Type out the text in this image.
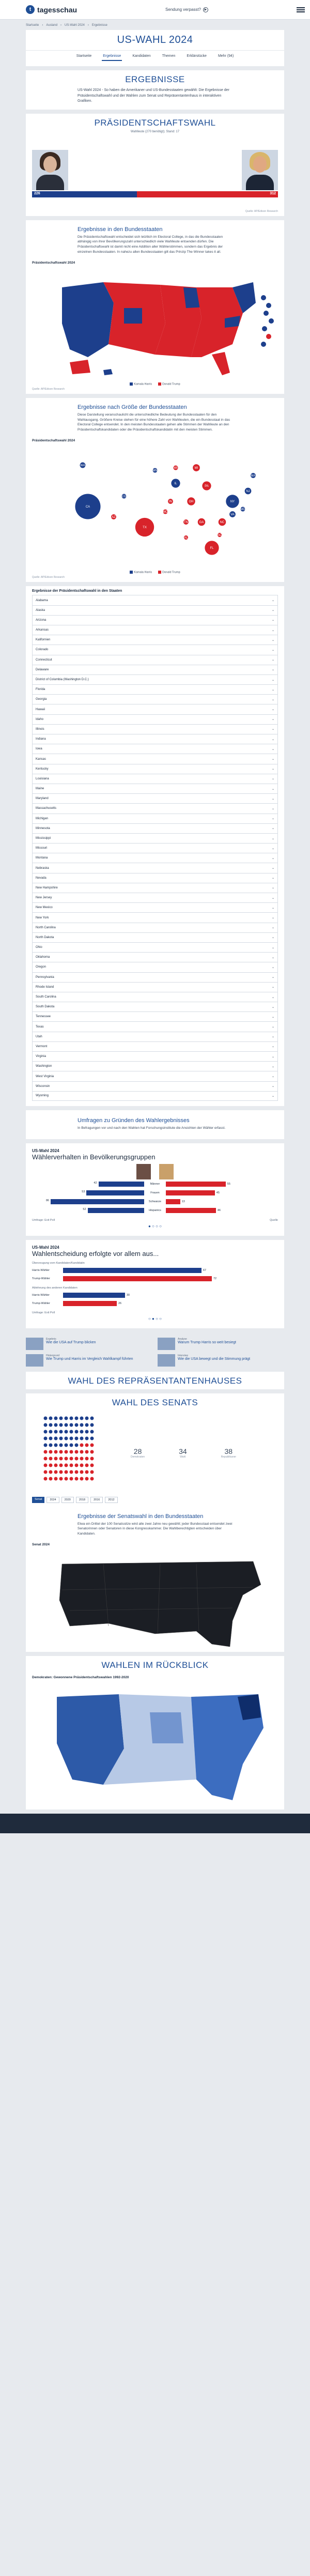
t tagesschau	Sendung verpasst?	▶
Startseite › Ausland › US-Wahl 2024 › Ergebnisse
US-WAHL 2024
Startseite	Ergebnisse	Kandidaten	Themen	Erklärstücke	Mehr (94)
ERGEBNISSE

US-Wahl 2024 - So haben die Amerikaner und US-Bundesstaaten gewählt: Die Ergebnisse der Präsidentschaftswahl und der Wahlen zum Senat und Repräsentantenhaus in interaktiven Grafiken.

PRÄSIDENTSCHAFTSWAHL
Wahlleute (270 benötigt); Stand: 17
226	312
Quelle: AP/Edison Research
Ergebnisse in den Bundesstaaten

Die Präsidentschaftswahl entscheidet sich letztlich im Electoral College, in das die Bundesstaaten abhängig von ihrer Bevölkerungszahl unterschiedlich viele Wahlleute entsenden dürfen. Die Präsidentschaftswahl ist damit nicht eine Addition aller Wählerstimmen, sondern das Ergebnis der einzelnen Bundesstaaten. In nahezu allen Bundesstaaten gilt das Prinzip The Winner takes it all.

Präsidentschaftswahl 2024
Kamala Harris	Donald Trump
Quelle: AP/Edison Research
Ergebnisse nach Größe der Bundesstaaten

Diese Darstellung veranschaulicht die unterschiedliche Bedeutung der Bundesstaaten für den Wahlausgang. Größere Kreise stehen für eine höhere Zahl von Wahlleuten, die ein Bundesstaat in das Electoral College entsendet. In den meisten Bundesstaaten gehen alle Stimmen der Wahlleute an den Präsidentschaftskandidaten oder die Präsidentschaftskandidatin mit den meisten Stimmen.

Präsidentschaftswahl 2024
CA
TX
FL
NY
PA
IL
OH
GA	NC
MI
NJ
VA
WA
AZ
TN
MA
IN
MD
MN
MO
WI
CO
SC
AL
Kamala Harris	Donald Trump
Quelle: AP/Edison Research
Ergebnisse der Präsidentschaftswahl in den Staaten
Alabama	⌄
Alaska	⌄
Arizona	⌄
Arkansas	⌄
Kalifornien	⌄
Colorado	⌄
Connecticut	⌄
Delaware	⌄
District of Columbia (Washington D.C.)	⌄
Florida	⌄
Georgia	⌄
Hawaii	⌄
Idaho	⌄
Illinois	⌄
Indiana	⌄
Iowa	⌄
Kansas	⌄
Kentucky	⌄
Louisiana	⌄
Maine	⌄
Maryland	⌄
Massachusetts	⌄
Michigan	⌄
Minnesota	⌄
Mississippi	⌄
Missouri	⌄
Montana	⌄
Nebraska	⌄
Nevada	⌄
New Hampshire	⌄
New Jersey	⌄
New Mexico	⌄
New York	⌄
North Carolina	⌄
North Dakota	⌄
Ohio	⌄
Oklahoma	⌄
Oregon	⌄
Pennsylvania	⌄
Rhode Island	⌄
South Carolina	⌄
South Dakota	⌄
Tennessee	⌄
Texas	⌄
Utah	⌄
Vermont	⌄
Virginia	⌄
Washington	⌄
West Virginia	⌄
Wisconsin	⌄
Wyoming	⌄
Umfragen zu Gründen des Wahlergebnisses

In Befragungen vor und nach den Wahlen hat Forschungsinstitute die Ansichten der Wähler erfasst.

US-Wahl 2024
Wählerverhalten in Bevölkerungsgruppen
42	Männer	55
53	Frauen	45
86	Schwarze	13
52	Hispanics	46
Umfrage: Exit Poll	Quelle
● ○ ○ ○
US-Wahl 2024
Wahlentscheidung erfolgte vor allem aus...
Überzeugung vom Kandidaten/Kandidatin
Harris-Wähler	67
Trump-Wähler	72
Ablehnung des anderen Kandidaten
Harris-Wähler	30
Trump-Wähler	26
Umfrage: Exit Poll
○ ● ○ ○
Ergebnis
Wie die USA auf Trump blicken
Analyse
Warum Trump Harris so weit besiegt
Hintergrund
Wie Trump und Harris im Vergleich Wahlkampf führten
Interview
Wie die USA bewegt und die Stimmung prägt
WAHL DES REPRÄSENTANTENHAUSES
WAHL DES SENATS
28
Demokraten
34
Wahl
38
Republikaner
Senat	2024	2020	2018	2016	2012
Ergebnisse der Senatswahl in den Bundesstaaten

Etwa ein Drittel der 100 Senatssitze wird alle zwei Jahre neu gewählt; jeder Bundesstaat entsendet zwei Senatorinnen oder Senatoren in diese Kongresskammer. Die Wahlberechtigten entscheiden über Kandidaten.

Senat 2024
WAHLEN IM RÜCKBLICK
Demokraten: Gewonnene Präsidentschaftswahlen 1992-2020
